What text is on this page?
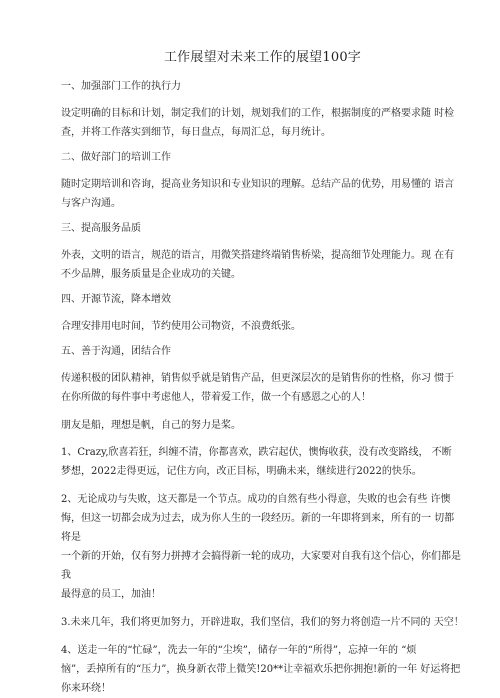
工作展望对未来工作的展望100字
一、加强部门工作的执行力
设定明确的目标和计划，制定我们的计划，规划我们的工作，根据制度的严格要求随 时检
查，并将工作落实到细节，每日盘点，每周汇总，每月统计。
二、做好部门的培训工作
随时定期培训和咨询，提高业务知识和专业知识的理解。总结产品的优势，用易懂的 语言
与客户沟通。
三、提高服务品质
外表，文明的语言，规范的语言，用微笑搭建终端销售桥梁，提高细节处理能力。现 在有
不少品牌，服务质量是企业成功的关键。
四、开源节流，降本增效
合理安排用电时间，节约使用公司物资，不浪费纸张。
五、善于沟通，团结合作
传递积极的团队精神，销售似乎就是销售产品，但更深层次的是销售你的性格，你习 惯于
在你所做的每件事中考虑他人，带着爱工作，做一个有感恩之心的人！
朋友是船，理想是帆，自己的努力是桨。
1、Crazy,欣喜若狂，纠缠不清，你都喜欢，跌宕起伏，懊悔收获，没有改变路线， 不断
梦想，2022走得更远，记住方向，改正目标，明确未来，继续进行2022的快乐。
2、无论成功与失败，这天都是一个节点。成功的自然有些小得意，失败的也会有些 许懊
悔，但这一切都会成为过去，成为你人生的一段经历。新的一年即将到来，所有的一 切都将是
一个新的开始，仅有努力拼搏才会搞得新一轮的成功，大家要对自我有这个信心，你们都是我
最得意的员工，加油！
3.未来几年，我们将更加努力，开辟进取，我们坚信，我们的努力将创造一片不同的 天空！
4、送走一年的“忙碌”，洗去一年的“尘埃”，储存一年的“所得”，忘掉一年的 “烦
恼”，丢掉所有的“压力”，换身新衣带上微笑!20**让幸福欢乐把你拥抱!新的一年 好运将把
你来环绕！
